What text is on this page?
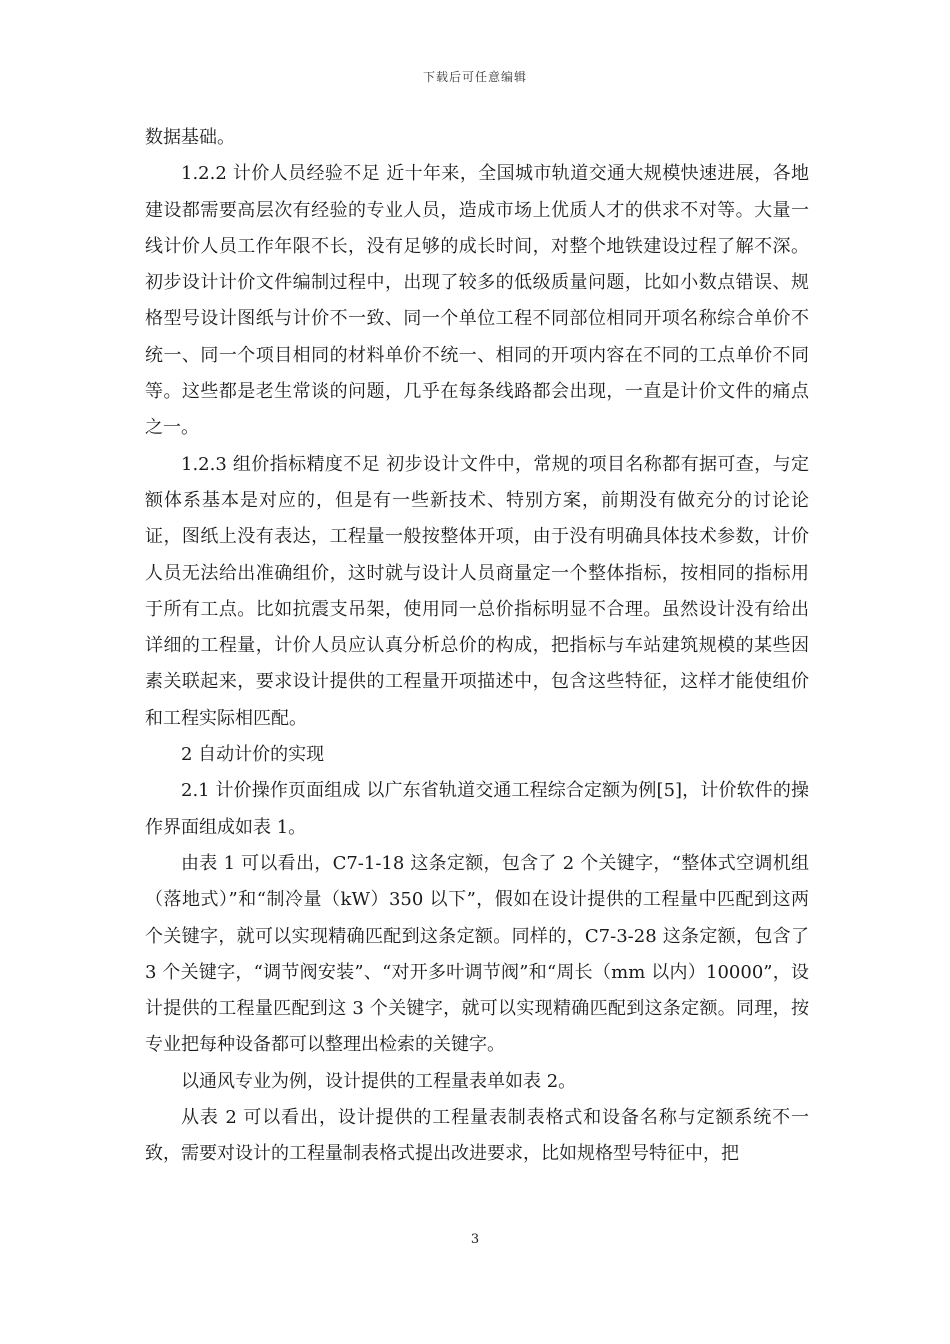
下载后可任意编辑

数据基础。

1.2.2 计价人员经验不足 近十年来，全国城市轨道交通大规模快速进展，各地建设都需要高层次有经验的专业人员，造成市场上优质人才的供求不对等。大量一线计价人员工作年限不长，没有足够的成长时间，对整个地铁建设过程了解不深。初步设计计价文件编制过程中，出现了较多的低级质量问题，比如小数点错误、规格型号设计图纸与计价不一致、同一个单位工程不同部位相同开项名称综合单价不统一、同一个项目相同的材料单价不统一、相同的开项内容在不同的工点单价不同等。这些都是老生常谈的问题，几乎在每条线路都会出现，一直是计价文件的痛点之一。

1.2.3 组价指标精度不足 初步设计文件中，常规的项目名称都有据可查，与定额体系基本是对应的，但是有一些新技术、特别方案，前期没有做充分的讨论论证，图纸上没有表达，工程量一般按整体开项，由于没有明确具体技术参数，计价人员无法给出准确组价，这时就与设计人员商量定一个整体指标，按相同的指标用于所有工点。比如抗震支吊架，使用同一总价指标明显不合理。虽然设计没有给出详细的工程量，计价人员应认真分析总价的构成，把指标与车站建筑规模的某些因素关联起来，要求设计提供的工程量开项描述中，包含这些特征，这样才能使组价和工程实际相匹配。

2 自动计价的实现

2.1 计价操作页面组成 以广东省轨道交通工程综合定额为例[5]，计价软件的操作界面组成如表 1。

由表 1 可以看出，C7-1-18 这条定额，包含了 2 个关键字，“整体式空调机组（落地式）”和“制冷量（kW）350 以下”，假如在设计提供的工程量中匹配到这两个关键字，就可以实现精确匹配到这条定额。同样的，C7-3-28 这条定额，包含了 3 个关键字，“调节阀安装”、“对开多叶调节阀”和“周长（mm 以内）10000”，设计提供的工程量匹配到这 3 个关键字，就可以实现精确匹配到这条定额。同理，按专业把每种设备都可以整理出检索的关键字。

以通风专业为例，设计提供的工程量表单如表 2。

从表 2 可以看出，设计提供的工程量表制表格式和设备名称与定额系统不一致，需要对设计的工程量制表格式提出改进要求，比如规格型号特征中，把

3
